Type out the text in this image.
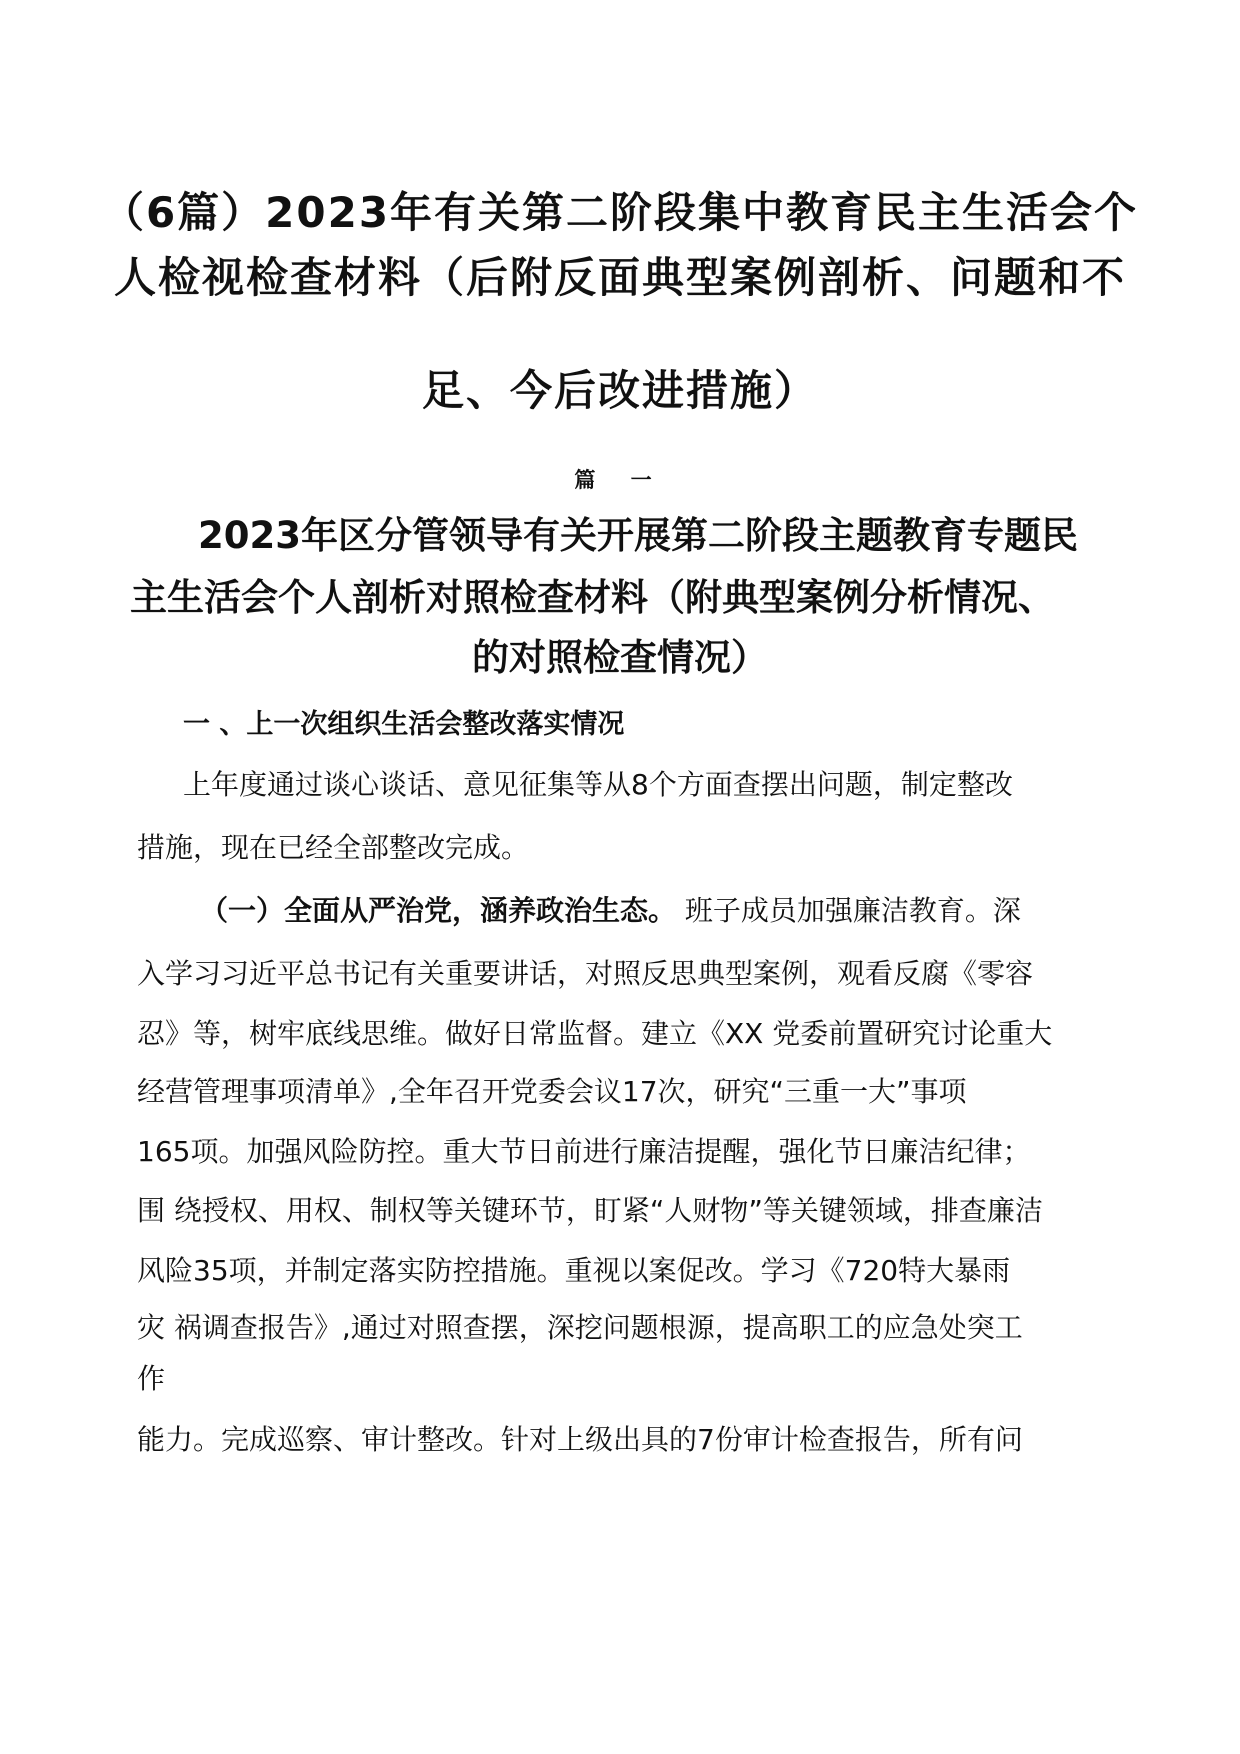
（6篇）2023年有关第二阶段集中教育民主生活会个
人检视检查材料（后附反面典型案例剖析、问题和不
足、今后改进措施）
篇 一
2023年区分管领导有关开展第二阶段主题教育专题民
主生活会个人剖析对照检查材料（附典型案例分析情况、
的对照检查情况）
一 、上一次组织生活会整改落实情况

上年度通过谈心谈话、意见征集等从8个方面查摆出问题，制定整改

措施，现在已经全部整改完成。

（一）全面从严治党，涵养政治生态。 班子成员加强廉洁教育。深

入学习习近平总书记有关重要讲话，对照反思典型案例，观看反腐《零容

忍》等，树牢底线思维。做好日常监督。建立《XX 党委前置研究讨论重大

经营管理事项清单》,全年召开党委会议17次，研究“三重一大”事项

165项。加强风险防控。重大节日前进行廉洁提醒，强化节日廉洁纪律；

围 绕授权、用权、制权等关键环节，盯紧“人财物”等关键领域，排查廉洁

风险35项，并制定落实防控措施。重视以案促改。学习《720特大暴雨

灾 祸调查报告》,通过对照查摆，深挖问题根源，提高职工的应急处突工

作

能力。完成巡察、审计整改。针对上级出具的7份审计检查报告，所有问
